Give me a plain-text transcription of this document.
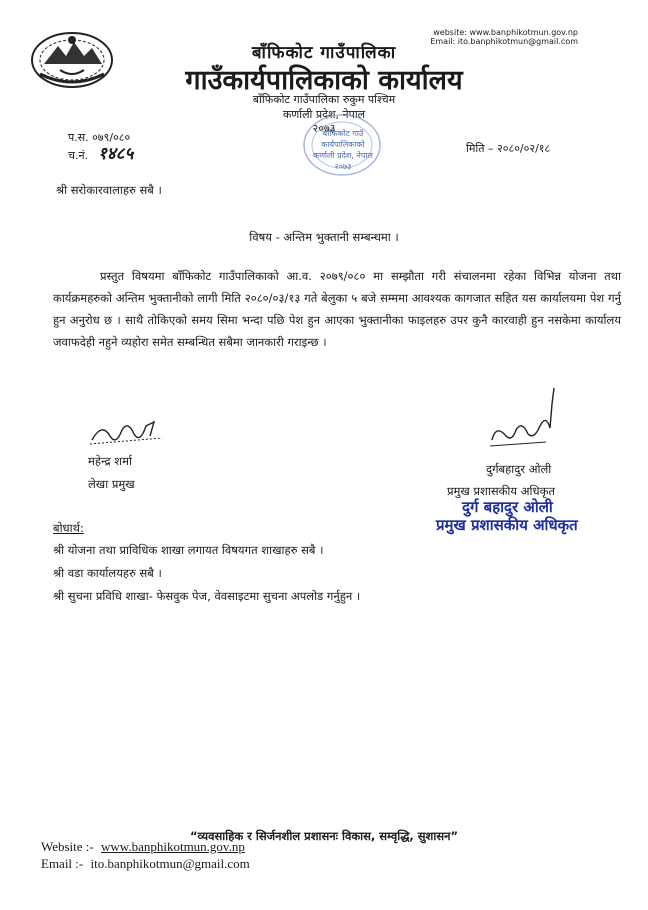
website: www.banphikotmun.gov.np
Email: ito.banphikotmun@gmail.com
बाँफिकोट गाउँपालिका
गाउँकार्यपालिकाको कार्यालय
बाँफिकोट गाउँपालिका रुकुम पश्चिम
कर्णाली प्रदेश, नेपाल
२०७३
बाँफिकोट गाउँ
कार्यपालिकाको
कर्णाली प्रदेश, नेपाल
२०७३
प.स. ०७९/०८०
च.नं. १४८५	मिति – २०८०/०२/१८
श्री सरोकारवालाहरु सबै ।
विषय - अन्तिम भुक्तानी सम्बन्धमा ।

प्रस्तुत विषयमा बाँफिकोट गाउँपालिकाको आ.व. २०७९/०८० मा सम्झौता गरी संचालनमा रहेका विभिन्न योजना तथा कार्यक्रमहरुको अन्तिम भुक्तानीको लागी मिति २०८०/०३/१३ गते बेलुका ५ बजे सम्ममा आवश्यक कागजात सहित यस कार्यालयमा पेश गर्नु हुन अनुरोध छ । साथै तोकिएको समय सिमा भन्दा पछि पेश हुन आएका भुक्तानीका फाइलहरु उपर कुनै कारवाही हुन नसकेमा कार्यालय जवाफदेही नहुने व्यहोरा समेत सम्बन्धित सबैमा जानकारी गराइन्छ ।

महेन्द्र शर्मा
लेखा प्रमुख
दुर्गबहादुर ओली
प्रमुख प्रशासकीय अधिकृत
दुर्ग बहादुर ओली
प्रमुख प्रशासकीय अधिकृत
बोधार्थ:
श्री योजना तथा प्राविधिक शाखा लगायत विषयगत शाखाहरु सबै ।
श्री वडा कार्यालयहरु सबै ।
श्री सुचना प्रविधि शाखा- फेसवुक पेज, वेवसाइटमा सुचना अपलोड गर्नुहुन ।
“व्यवसाहिक र सिर्जनशील प्रशासनः विकास, सम्वृद्धि, सुशासन”
Website :- www.banphikotmun.gov.np
Email :- ito.banphikotmun@gmail.com
